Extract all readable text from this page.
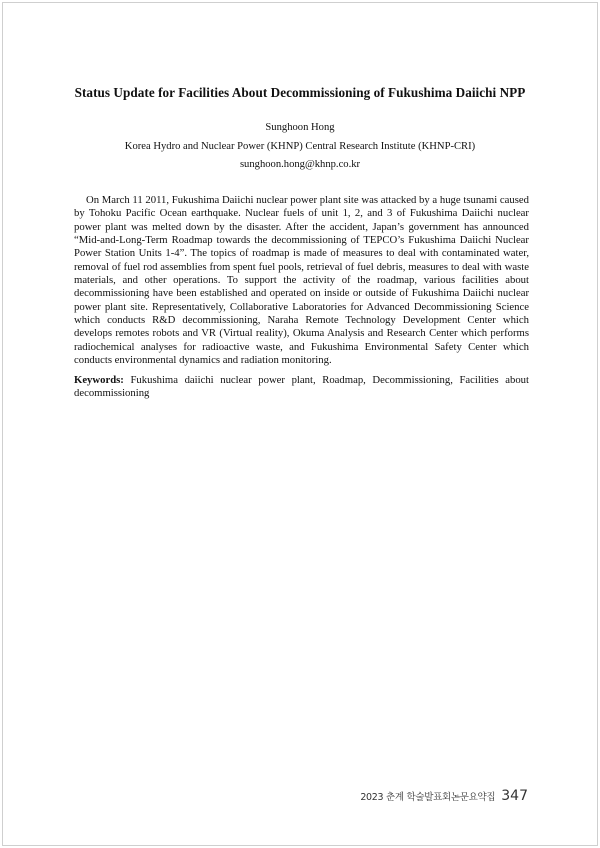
Status Update for Facilities About Decommissioning of Fukushima Daiichi NPP
Sunghoon Hong
Korea Hydro and Nuclear Power (KHNP) Central Research Institute (KHNP-CRI)
sunghoon.hong@khnp.co.kr

On March 11 2011, Fukushima Daiichi nuclear power plant site was attacked by a huge tsunami caused by Tohoku Pacific Ocean earthquake. Nuclear fuels of unit 1, 2, and 3 of Fukushima Daiichi nuclear power plant was melted down by the disaster. After the accident, Japan’s government has announced “Mid-and-Long-Term Roadmap towards the decommissioning of TEPCO’s Fukushima Daiichi Nuclear Power Station Units 1-4”. The topics of roadmap is made of measures to deal with contaminated water, removal of fuel rod assemblies from spent fuel pools, retrieval of fuel debris, measures to deal with waste materials, and other operations. To support the activity of the roadmap, various facilities about decommissioning have been established and operated on inside or outside of Fukushima Daiichi nuclear power plant site. Representatively, Collaborative Laboratories for Advanced Decommissioning Science which conducts R&D decommissioning, Naraha Remote Technology Development Center which develops remotes robots and VR (Virtual reality), Okuma Analysis and Research Center which performs radiochemical analyses for radioactive waste, and Fukushima Environmental Safety Center which conducts environmental dynamics and radiation monitoring.

Keywords: Fukushima daiichi nuclear power plant, Roadmap, Decommissioning, Facilities about decommissioning

2023 춘계 학술발표회논문요약집 347
